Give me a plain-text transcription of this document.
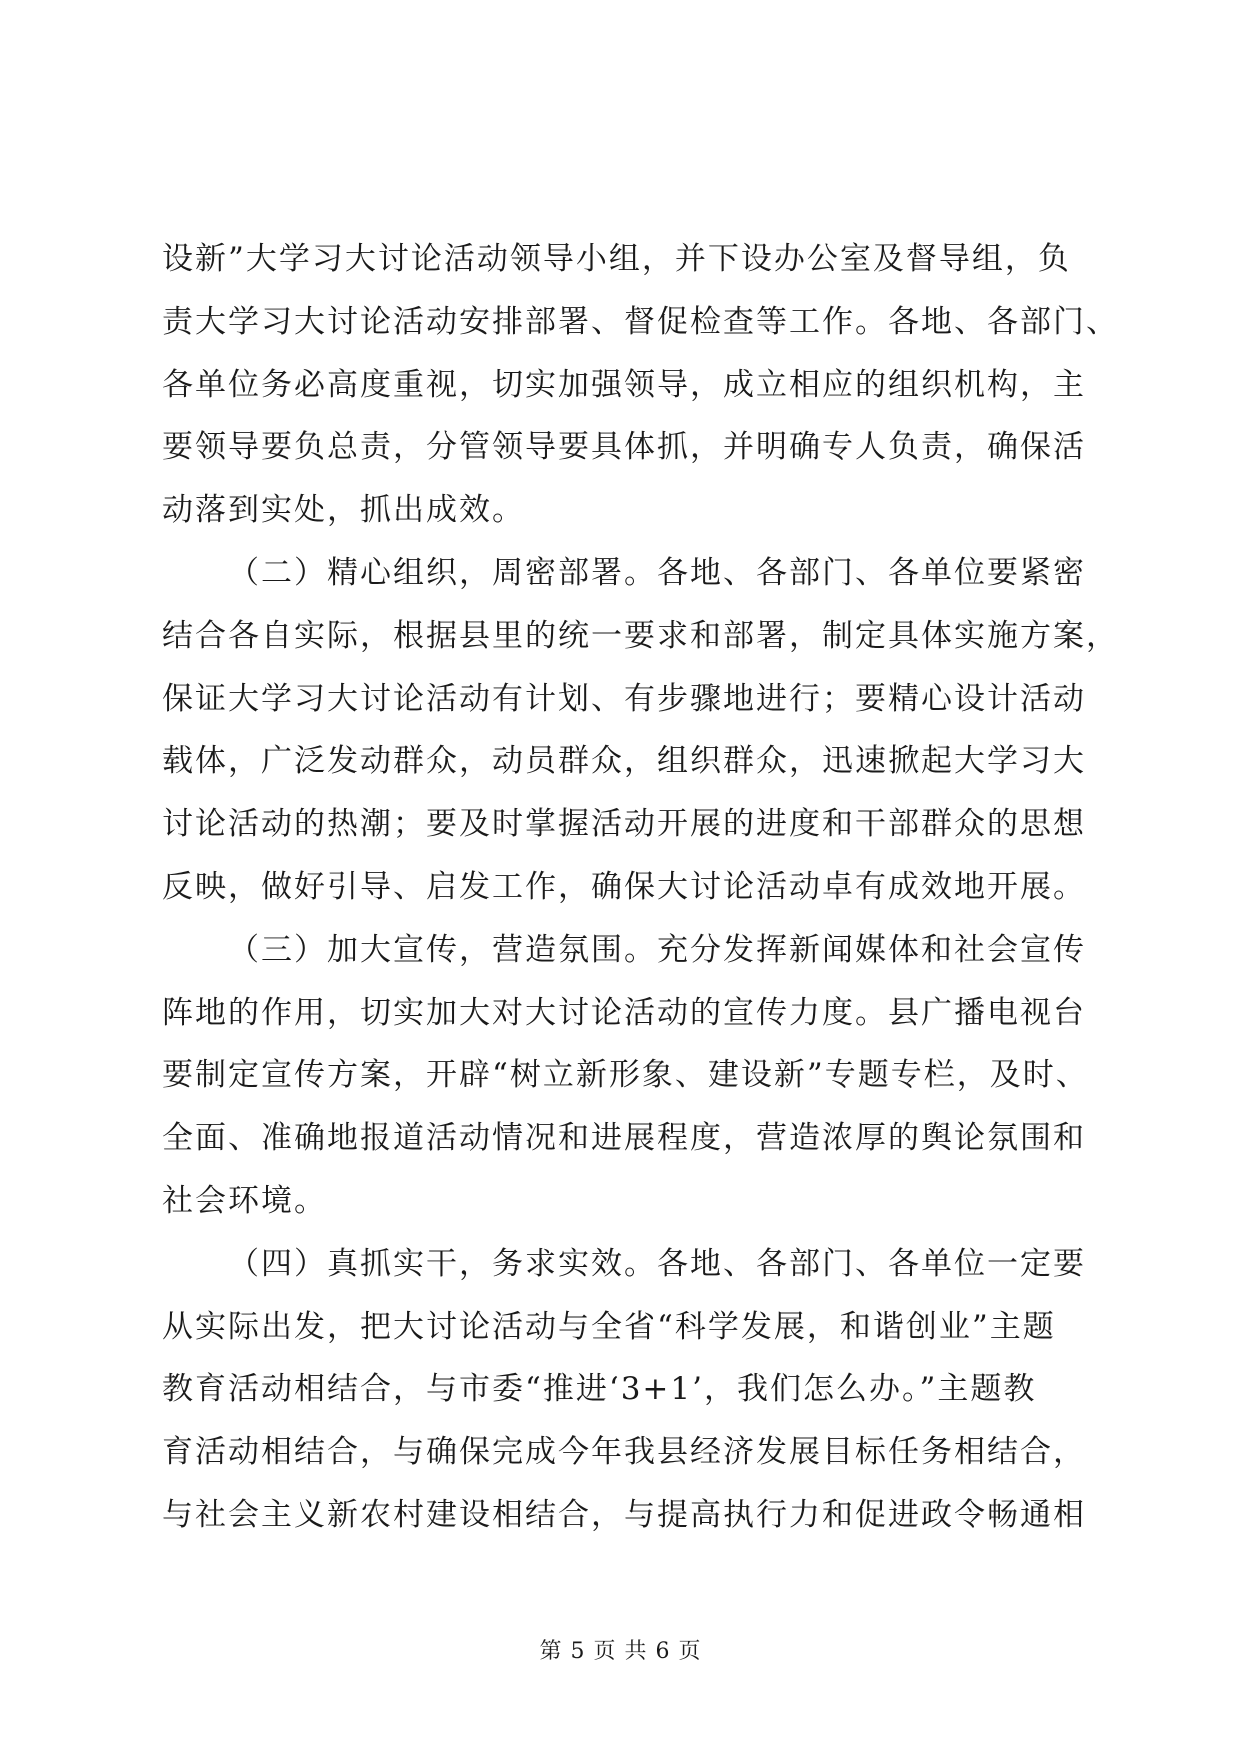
设新”大学习大讨论活动领导小组，并下设办公室及督导组，负
责大学习大讨论活动安排部署、督促检查等工作。各地、各部门、
各单位务必高度重视，切实加强领导，成立相应的组织机构，主
要领导要负总责，分管领导要具体抓，并明确专人负责，确保活
动落到实处，抓出成效。

（二）精心组织，周密部署。各地、各部门、各单位要紧密
结合各自实际，根据县里的统一要求和部署，制定具体实施方案，
保证大学习大讨论活动有计划、有步骤地进行；要精心设计活动
载体，广泛发动群众，动员群众，组织群众，迅速掀起大学习大
讨论活动的热潮；要及时掌握活动开展的进度和干部群众的思想
反映，做好引导、启发工作，确保大讨论活动卓有成效地开展。

（三）加大宣传，营造氛围。充分发挥新闻媒体和社会宣传
阵地的作用，切实加大对大讨论活动的宣传力度。县广播电视台
要制定宣传方案，开辟“树立新形象、建设新”专题专栏，及时、
全面、准确地报道活动情况和进展程度，营造浓厚的舆论氛围和
社会环境。

（四）真抓实干，务求实效。各地、各部门、各单位一定要
从实际出发，把大讨论活动与全省“科学发展，和谐创业”主题
教育活动相结合，与市委“推进‘3+1’，我们怎么办。”主题教
育活动相结合，与确保完成今年我县经济发展目标任务相结合，
与社会主义新农村建设相结合，与提高执行力和促进政令畅通相

第 5 页 共 6 页
